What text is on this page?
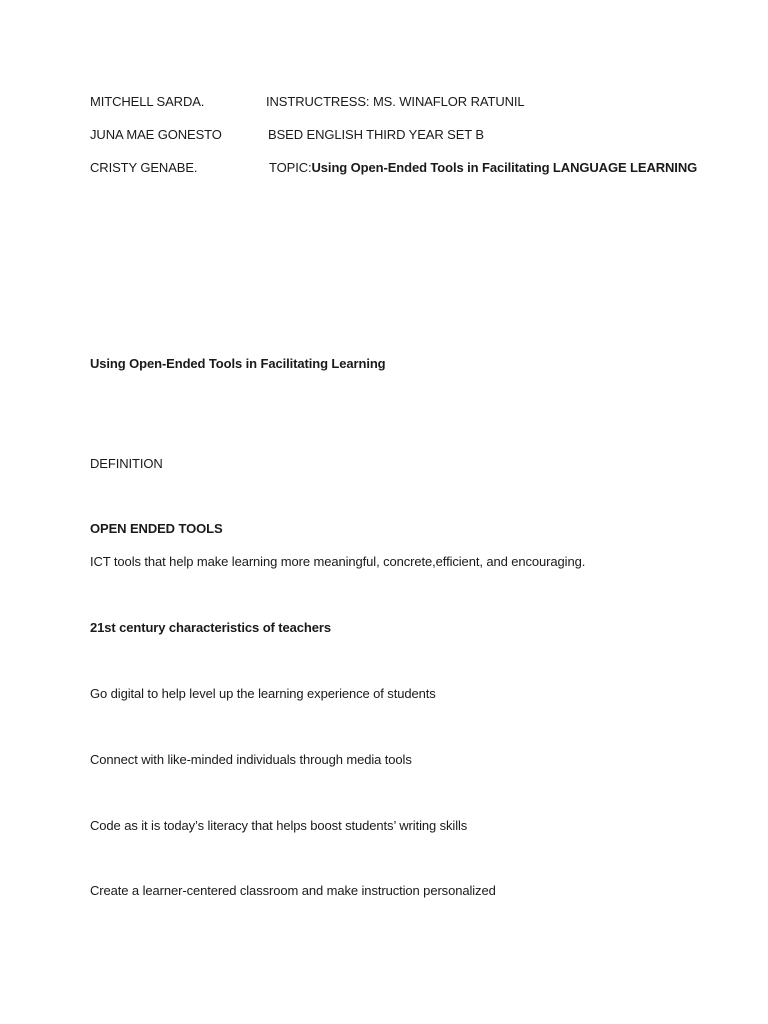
MITCHELL SARDA.	INSTRUCTRESS: MS. WINAFLOR RATUNIL
JUNA MAE GONESTO	BSED ENGLISH THIRD YEAR SET B
CRISTY GENABE.	TOPIC:Using Open-Ended Tools in Facilitating LANGUAGE LEARNING
Using Open-Ended Tools in Facilitating Learning
DEFINITION
OPEN ENDED TOOLS
ICT tools that help make learning more meaningful, concrete,efficient, and encouraging.
21st century characteristics of teachers
Go digital to help level up the learning experience of students
Connect with like-minded individuals through media tools
Code as it is today’s literacy that helps boost students’ writing skills
Create a learner-centered classroom and make instruction personalized
